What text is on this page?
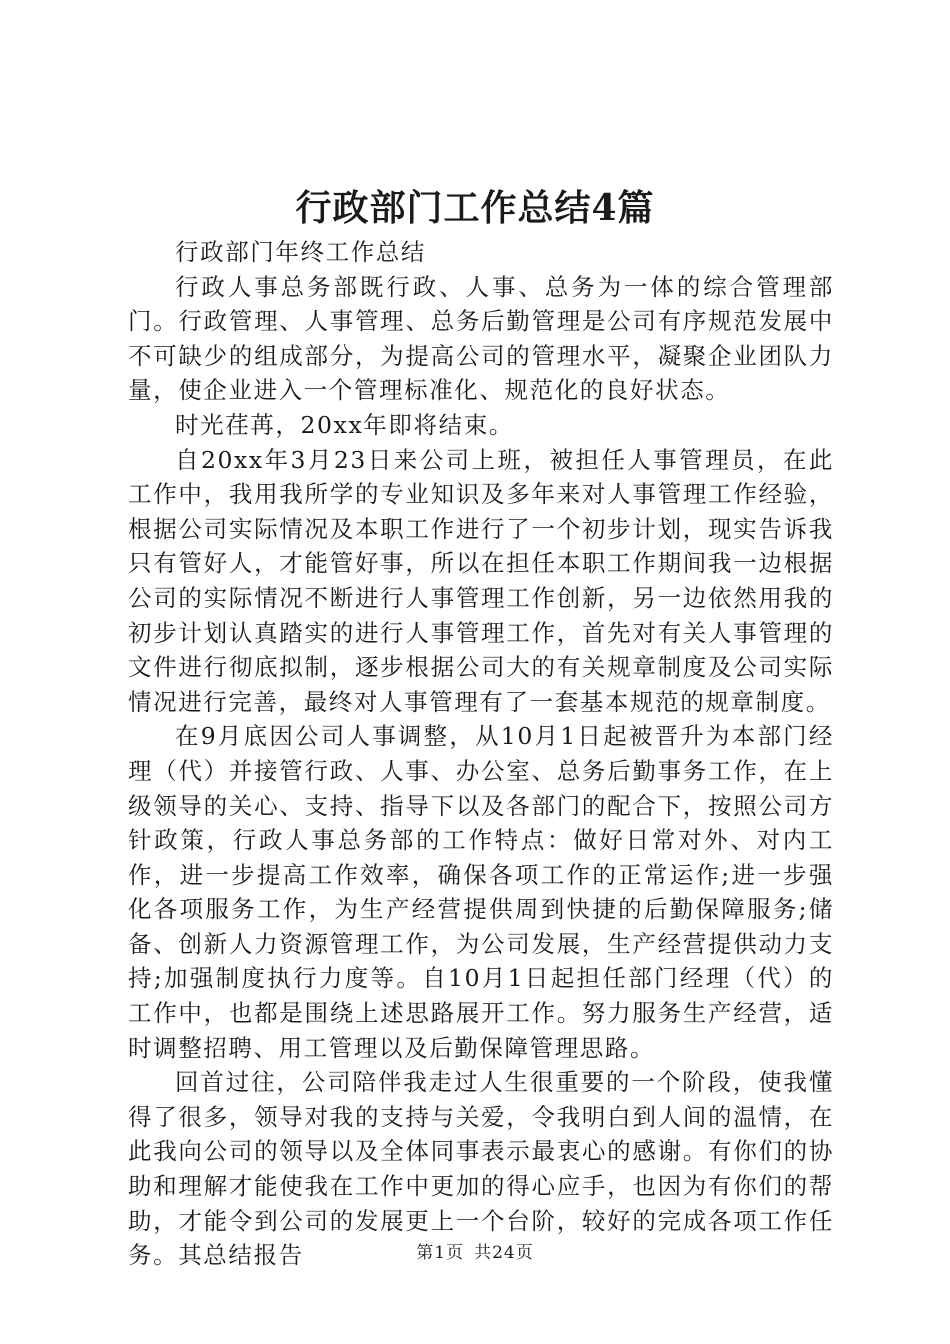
行政部门工作总结4篇

行政部门年终工作总结

行政人事总务部既行政、人事、总务为一体的综合管理部门。行政管理、人事管理、总务后勤管理是公司有序规范发展中不可缺少的组成部分，为提高公司的管理水平，凝聚企业团队力量，使企业进入一个管理标准化、规范化的良好状态。

时光荏苒，20xx年即将结束。

自20xx年3月23日来公司上班，被担任人事管理员，在此工作中，我用我所学的专业知识及多年来对人事管理工作经验，根据公司实际情况及本职工作进行了一个初步计划，现实告诉我只有管好人，才能管好事，所以在担任本职工作期间我一边根据公司的实际情况不断进行人事管理工作创新，另一边依然用我的初步计划认真踏实的进行人事管理工作，首先对有关人事管理的文件进行彻底拟制，逐步根据公司大的有关规章制度及公司实际情况进行完善，最终对人事管理有了一套基本规范的规章制度。

在9月底因公司人事调整，从10月1日起被晋升为本部门经理（代）并接管行政、人事、办公室、总务后勤事务工作，在上级领导的关心、支持、指导下以及各部门的配合下，按照公司方针政策，行政人事总务部的工作特点：做好日常对外、对内工作，进一步提高工作效率，确保各项工作的正常运作;进一步强化各项服务工作，为生产经营提供周到快捷的后勤保障服务;储备、创新人力资源管理工作，为公司发展，生产经营提供动力支持;加强制度执行力度等。自10月1日起担任部门经理（代）的工作中，也都是围绕上述思路展开工作。努力服务生产经营，适时调整招聘、用工管理以及后勤保障管理思路。

回首过往，公司陪伴我走过人生很重要的一个阶段，使我懂得了很多，领导对我的支持与关爱，令我明白到人间的温情，在此我向公司的领导以及全体同事表示最衷心的感谢。有你们的协助和理解才能使我在工作中更加的得心应手，也因为有你们的帮助，才能令到公司的发展更上一个台阶，较好的完成各项工作任务。其总结报告	第1页 共24页
